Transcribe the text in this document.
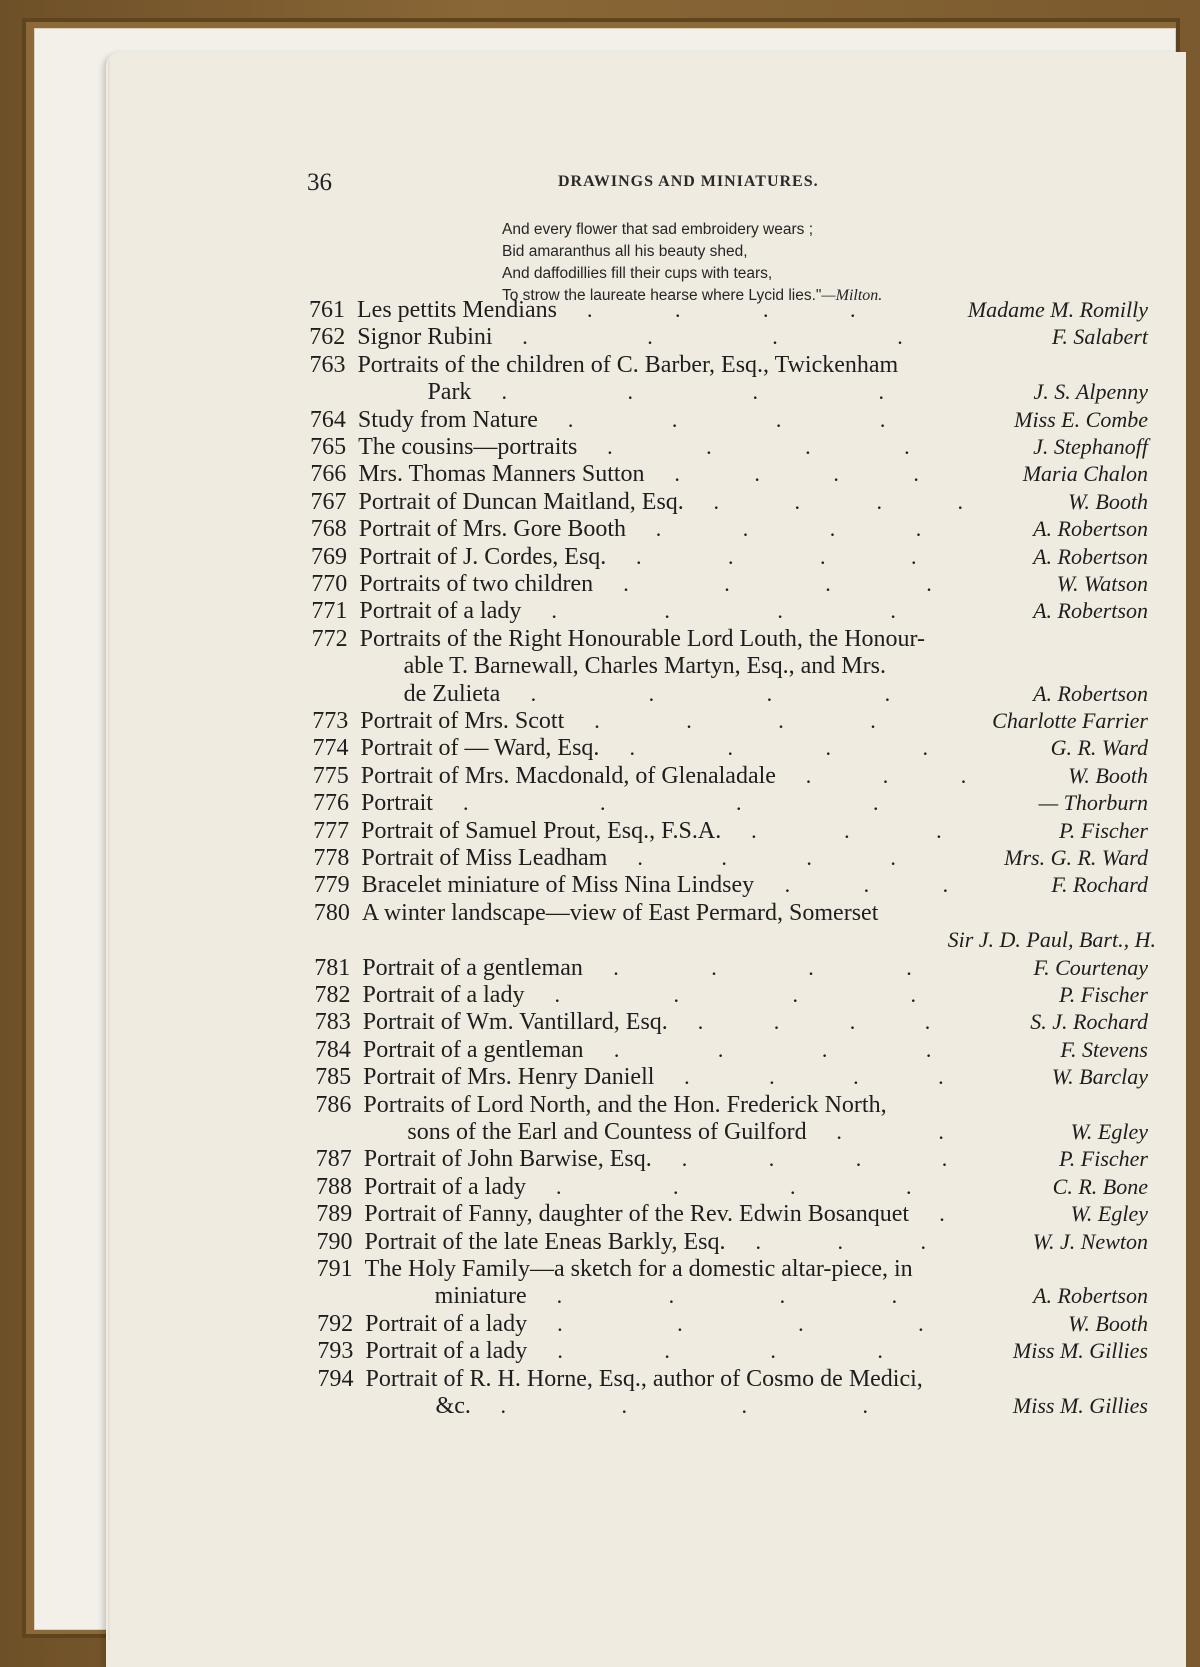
36	DRAWINGS AND MINIATURES.
And every flower that sad embroidery wears ;
Bid amaranthus all his beauty shed,
And daffodillies fill their cups with tears,
To strow the laureate hearse where Lycid lies."—Milton.
761 Les pettits Mendians .	.	.	.	Madame M. Romilly
762 Signor Rubini .	.	.	.	F. Salabert
763 Portraits of the children of C. Barber, Esq., Twickenham
Park .	.	.	.	J. S. Alpenny
764 Study from Nature .	.	.	.	Miss E. Combe
765 The cousins—portraits .	.	.	.	J. Stephanoff
766 Mrs. Thomas Manners Sutton .	.	.	.	Maria Chalon
767 Portrait of Duncan Maitland, Esq. .	.	.	.	W. Booth
768 Portrait of Mrs. Gore Booth .	.	.	.	A. Robertson
769 Portrait of J. Cordes, Esq. .	.	.	.	A. Robertson
770 Portraits of two children .	.	.	.	W. Watson
771 Portrait of a lady .	.	.	.	A. Robertson
772 Portraits of the Right Honourable Lord Louth, the Honour-
able T. Barnewall, Charles Martyn, Esq., and Mrs.
de Zulieta .	.	.	.	A. Robertson
773 Portrait of Mrs. Scott .	.	.	.	Charlotte Farrier
774 Portrait of — Ward, Esq. .	.	.	.	G. R. Ward
775 Portrait of Mrs. Macdonald, of Glenaladale .	.	.	W. Booth
776 Portrait .	.	.	.	— Thorburn
777 Portrait of Samuel Prout, Esq., F.S.A. .	.	.	P. Fischer
778 Portrait of Miss Leadham .	.	.	.	Mrs. G. R. Ward
779 Bracelet miniature of Miss Nina Lindsey .	.	.	F. Rochard
780 A winter landscape—view of East Permard, Somerset
Sir J. D. Paul, Bart., H.
781 Portrait of a gentleman .	.	.	.	F. Courtenay
782 Portrait of a lady .	.	.	.	P. Fischer
783 Portrait of Wm. Vantillard, Esq. .	.	.	.	S. J. Rochard
784 Portrait of a gentleman .	.	.	.	F. Stevens
785 Portrait of Mrs. Henry Daniell .	.	.	.	W. Barclay
786 Portraits of Lord North, and the Hon. Frederick North,
sons of the Earl and Countess of Guilford .	.	W. Egley
787 Portrait of John Barwise, Esq. .	.	.	.	P. Fischer
788 Portrait of a lady .	.	.	.	C. R. Bone
789 Portrait of Fanny, daughter of the Rev. Edwin Bosanquet .	W. Egley
790 Portrait of the late Eneas Barkly, Esq. .	.	.	W. J. Newton
791 The Holy Family—a sketch for a domestic altar-piece, in
miniature .	.	.	.	A. Robertson
792 Portrait of a lady .	.	.	.	W. Booth
793 Portrait of a lady .	.	.	.	Miss M. Gillies
794 Portrait of R. H. Horne, Esq., author of Cosmo de Medici,
&c. .	.	.	.	Miss M. Gillies
